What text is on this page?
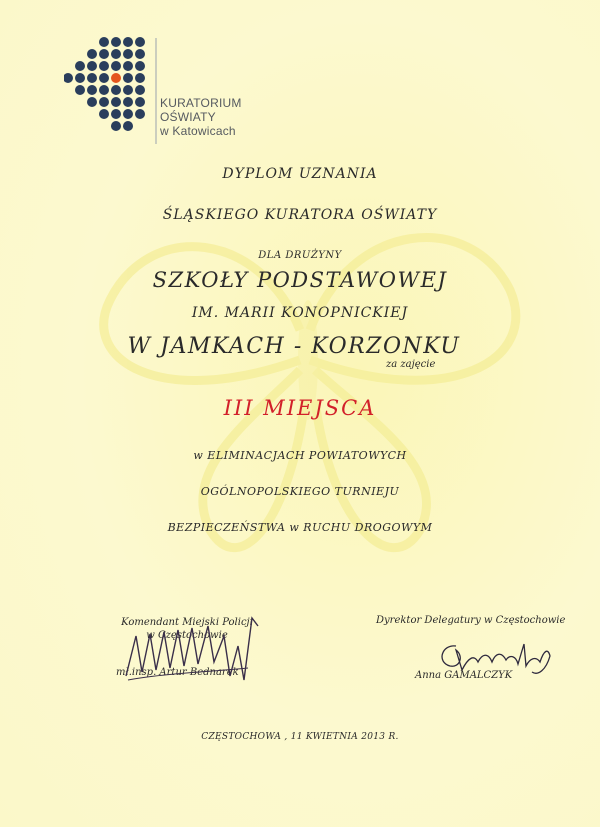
KURATORIUM
OŚWIATY
w Katowicach
DYPLOM UZNANIA
ŚLĄSKIEGO KURATORA OŚWIATY
DLA DRUŻYNY
SZKOŁY PODSTAWOWEJ
IM. MARII KONOPNICKIEJ
W JAMKACH - KORZONKU
za zajęcie
III MIEJSCA
w ELIMINACJACH POWIATOWYCH
OGÓLNOPOLSKIEGO TURNIEJU
BEZPIECZEŃSTWA w RUCHU DROGOWYM
Komendant Miejski Policji
w Częstochowie
mł.insp. Artur Bednarek
Dyrektor Delegatury w Częstochowie
Anna GAMALCZYK
CZĘSTOCHOWA , 11 KWIETNIA 2013 R.
